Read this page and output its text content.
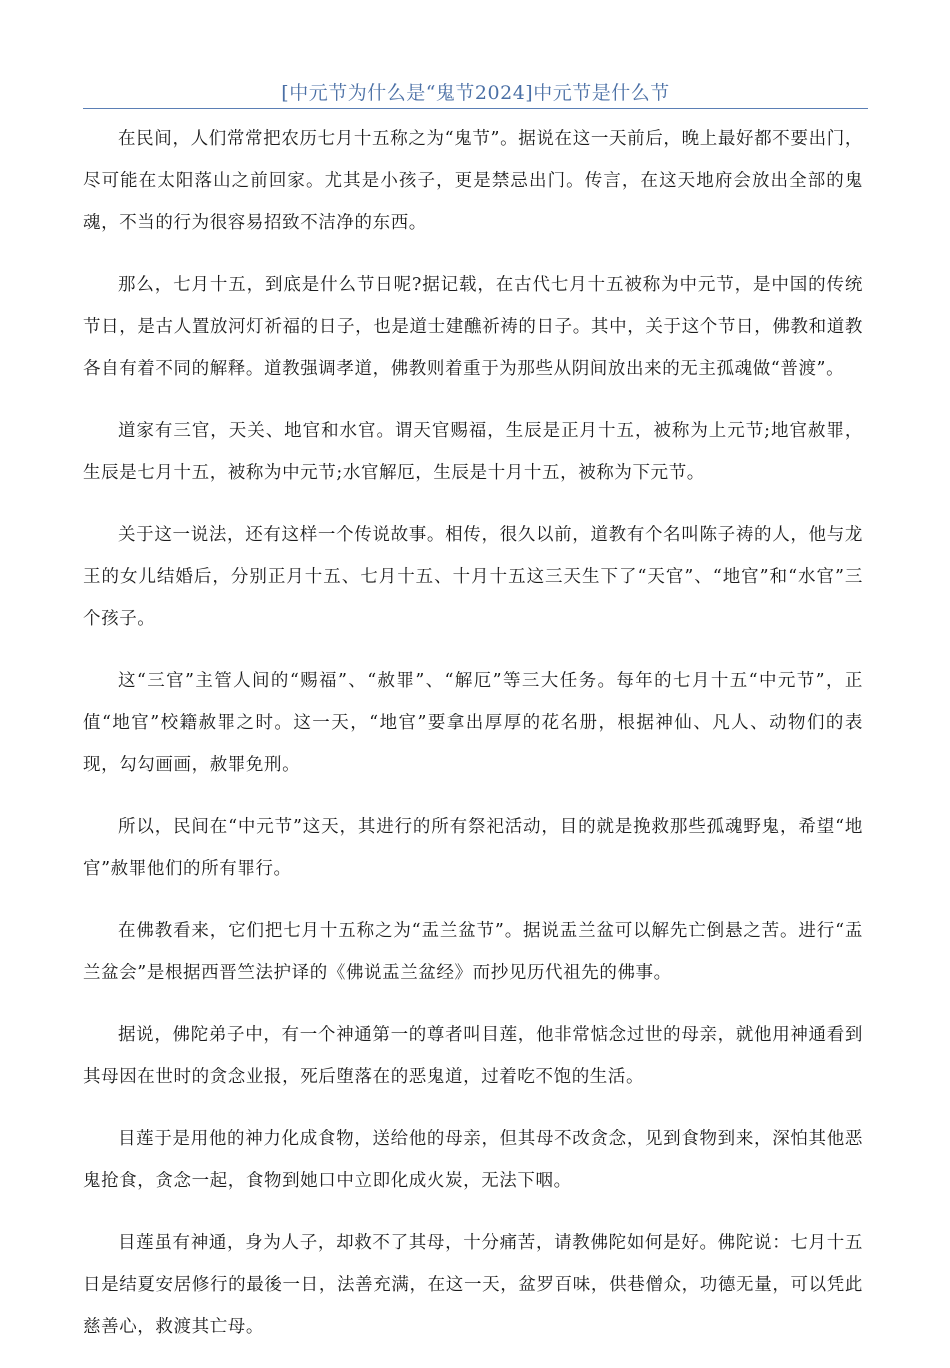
[中元节为什么是“鬼节2024]中元节是什么节

在民间，人们常常把农历七月十五称之为“鬼节”。据说在这一天前后，晚上最好都不要出门，尽可能在太阳落山之前回家。尤其是小孩子，更是禁忌出门。传言，在这天地府会放出全部的鬼魂，不当的行为很容易招致不洁净的东西。

那么，七月十五，到底是什么节日呢?据记载，在古代七月十五被称为中元节，是中国的传统节日，是古人置放河灯祈福的日子，也是道士建醮祈祷的日子。其中，关于这个节日，佛教和道教各自有着不同的解释。道教强调孝道，佛教则着重于为那些从阴间放出来的无主孤魂做“普渡”。

道家有三官，天关、地官和水官。谓天官赐福，生辰是正月十五，被称为上元节;地官赦罪，生辰是七月十五，被称为中元节;水官解厄，生辰是十月十五，被称为下元节。

关于这一说法，还有这样一个传说故事。相传，很久以前，道教有个名叫陈子祷的人，他与龙王的女儿结婚后，分别正月十五、七月十五、十月十五这三天生下了“天官”、“地官”和“水官”三个孩子。

这“三官”主管人间的“赐福”、“赦罪”、“解厄”等三大任务。每年的七月十五“中元节”，正值“地官”校籍赦罪之时。这一天，“地官”要拿出厚厚的花名册，根据神仙、凡人、动物们的表现，勾勾画画，赦罪免刑。

所以，民间在“中元节”这天，其进行的所有祭祀活动，目的就是挽救那些孤魂野鬼，希望“地官”赦罪他们的所有罪行。

在佛教看来，它们把七月十五称之为“盂兰盆节”。据说盂兰盆可以解先亡倒悬之苦。进行“盂兰盆会”是根据西晋竺法护译的《佛说盂兰盆经》而抄见历代祖先的佛事。

据说，佛陀弟子中，有一个神通第一的尊者叫目莲，他非常惦念过世的母亲，就他用神通看到其母因在世时的贪念业报，死后堕落在的恶鬼道，过着吃不饱的生活。

目莲于是用他的神力化成食物，送给他的母亲，但其母不改贪念，见到食物到来，深怕其他恶鬼抢食，贪念一起，食物到她口中立即化成火炭，无法下咽。

目莲虽有神通，身为人子，却救不了其母，十分痛苦，请教佛陀如何是好。佛陀说：七月十五日是结夏安居修行的最後一日，法善充满，在这一天，盆罗百味，供巷僧众，功德无量，可以凭此慈善心，救渡其亡母。
